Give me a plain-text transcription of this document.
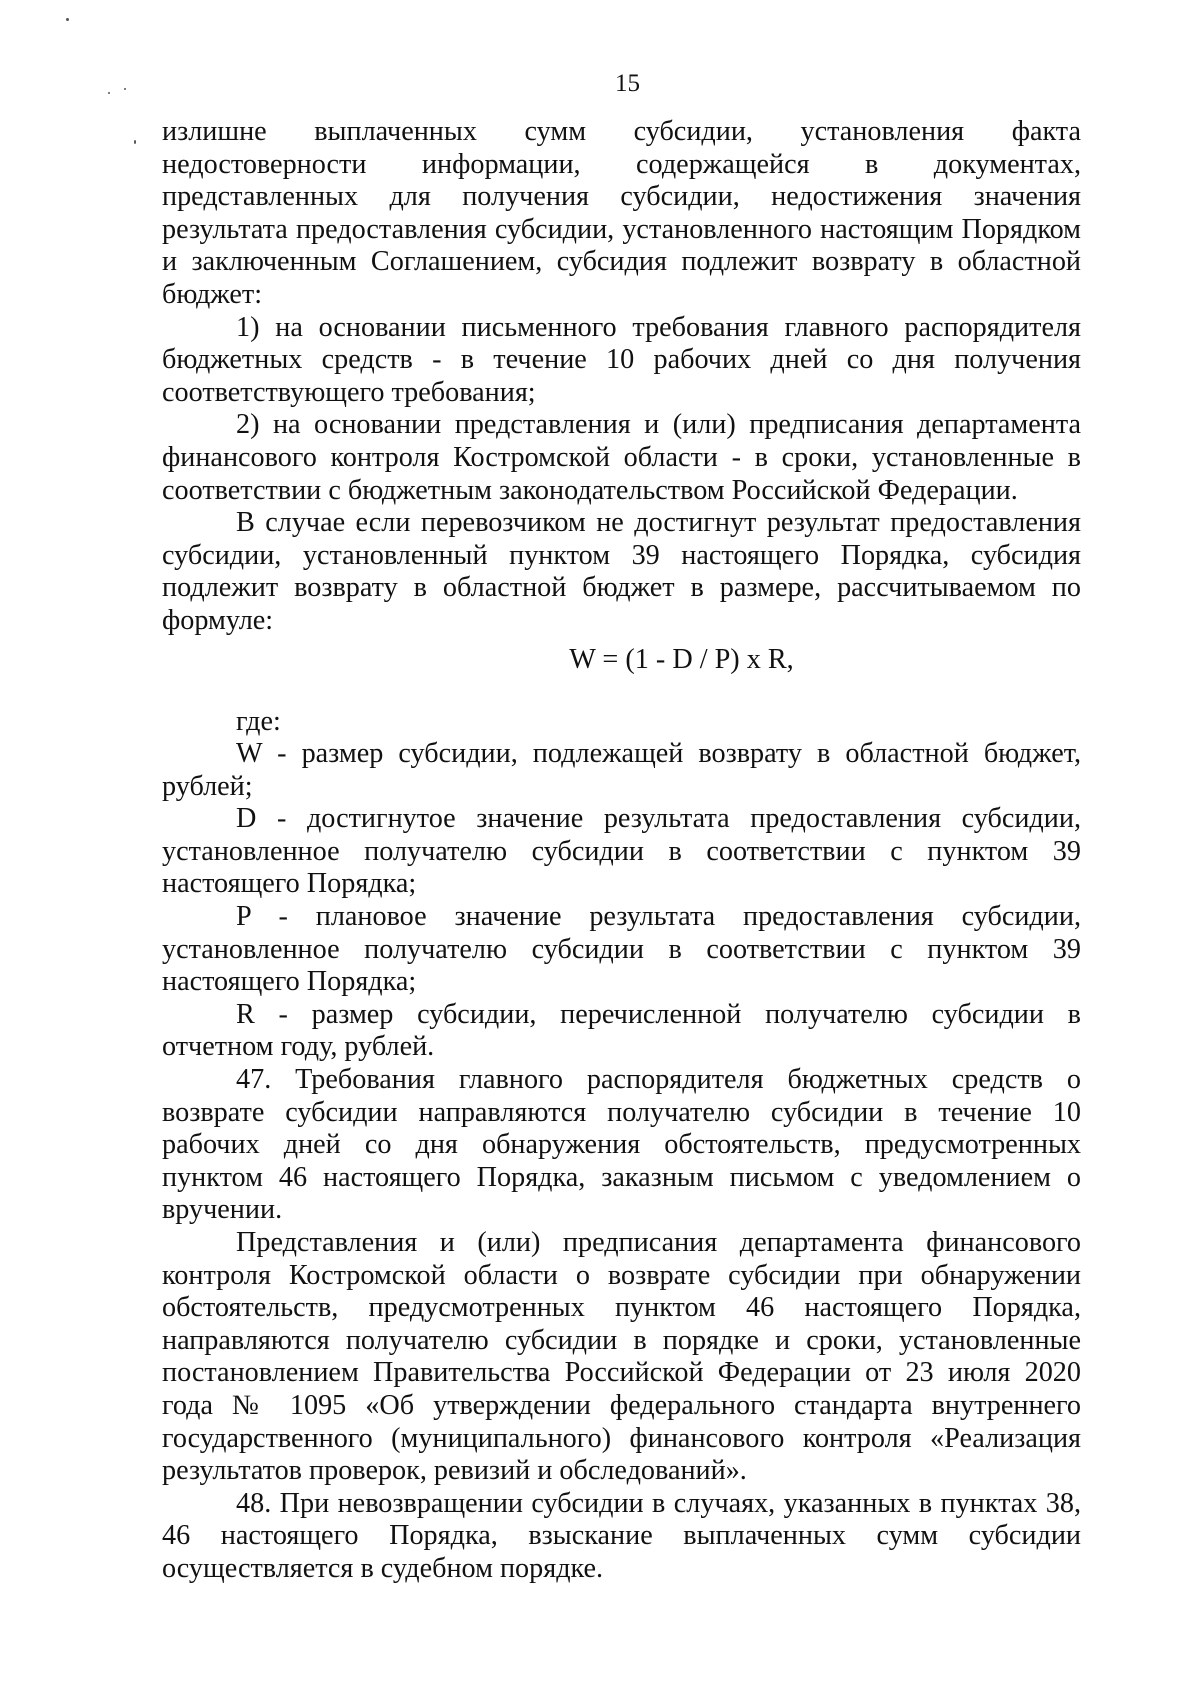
15

излишне выплаченных сумм субсидии, установления факта недостоверности информации, содержащейся в документах, представленных для получения субсидии, недостижения значения результата предоставления субсидии, установленного настоящим Порядком и заключенным Соглашением, субсидия подлежит возврату в областной бюджет:

1) на основании письменного требования главного распорядителя бюджетных средств - в течение 10 рабочих дней со дня получения соответствующего требования;

2) на основании представления и (или) предписания департамента финансового контроля Костромской области - в сроки, установленные в соответствии с бюджетным законодательством Российской Федерации.

В случае если перевозчиком не достигнут результат предоставления субсидии, установленный пунктом 39 настоящего Порядка, субсидия подлежит возврату в областной бюджет в размере, рассчитываемом по формуле:

W = (1 - D / P) x R,

где:

W - размер субсидии, подлежащей возврату в областной бюджет, рублей;

D - достигнутое значение результата предоставления субсидии, установленное получателю субсидии в соответствии с пунктом 39 настоящего Порядка;

P - плановое значение результата предоставления субсидии, установленное получателю субсидии в соответствии с пунктом 39 настоящего Порядка;

R - размер субсидии, перечисленной получателю субсидии в отчетном году, рублей.

47. Требования главного распорядителя бюджетных средств о возврате субсидии направляются получателю субсидии в течение 10 рабочих дней со дня обнаружения обстоятельств, предусмотренных пунктом 46 настоящего Порядка, заказным письмом с уведомлением о вручении.

Представления и (или) предписания департамента финансового контроля Костромской области о возврате субсидии при обнаружении обстоятельств, предусмотренных пунктом 46 настоящего Порядка, направляются получателю субсидии в порядке и сроки, установленные постановлением Правительства Российской Федерации от 23 июля 2020 года № 1095 «Об утверждении федерального стандарта внутреннего государственного (муниципального) финансового контроля «Реализация результатов проверок, ревизий и обследований».

48. При невозвращении субсидии в случаях, указанных в пунктах 38, 46 настоящего Порядка, взыскание выплаченных сумм субсидии осуществляется в судебном порядке.
